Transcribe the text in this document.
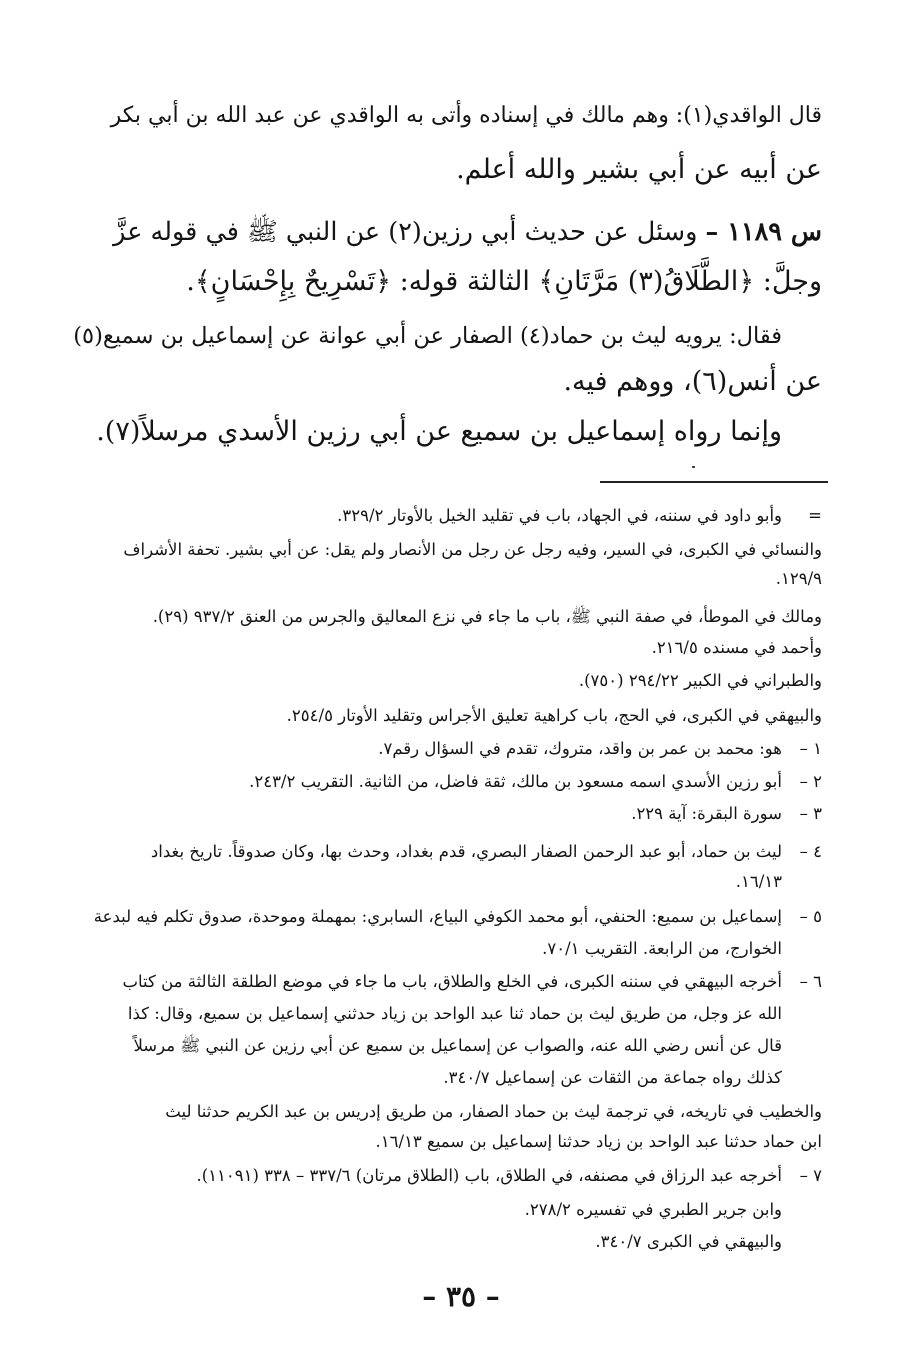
قال الواقدي(١): وهم مالك في إسناده وأتى به الواقدي عن عبد الله بن أبي بكر
عن أبيه عن أبي بشير والله أعلم.
س ١١٨٩ – وسئل عن حديث أبي رزين(٢) عن النبي ﷺ في قوله عزَّ
وجلَّ: ﴿الطَّلَاقُ(٣) مَرَّتَانِ﴾ الثالثة قوله: ﴿تَسْرِيحٌ بِإِحْسَانٍ﴾.
فقال: يرويه ليث بن حماد(٤) الصفار عن أبي عوانة عن إسماعيل بن سميع(٥)
عن أنس(٦)، ووهم فيه.
وإنما رواه إسماعيل بن سميع عن أبي رزين الأسدي مرسلاً(٧).
=
وأبو داود في سننه، في الجهاد، باب في تقليد الخيل بالأوتار ٣٢٩/٢.
والنسائي في الكبرى، في السير، وفيه رجل عن رجل من الأنصار ولم يقل: عن أبي بشير. تحفة الأشراف
١٢٩/٩.
ومالك في الموطأ، في صفة النبي ﷺ، باب ما جاء في نزع المعاليق والجرس من العنق ٩٣٧/٢ (٢٩).
وأحمد في مسنده ٢١٦/٥.
والطبراني في الكبير ٢٩٤/٢٢ (٧٥٠).
والبيهقي في الكبرى، في الحج، باب كراهية تعليق الأجراس وتقليد الأوتار ٢٥٤/٥.
١ –
هو: محمد بن عمر بن واقد، متروك، تقدم في السؤال رقم٧.
٢ –
أبو رزين الأسدي اسمه مسعود بن مالك، ثقة فاضل، من الثانية. التقريب ٢٤٣/٢.
٣ –
سورة البقرة: آية ٢٢٩.
٤ –
ليث بن حماد، أبو عبد الرحمن الصفار البصري، قدم بغداد، وحدث بها، وكان صدوقاً. تاريخ بغداد
١٦/١٣.
٥ –
إسماعيل بن سميع: الحنفي، أبو محمد الكوفي البياع، السابري: بمهملة وموحدة، صدوق تكلم فيه لبدعة
الخوارج، من الرابعة. التقريب ٧٠/١.
٦ –
أخرجه البيهقي في سننه الكبرى، في الخلع والطلاق، باب ما جاء في موضع الطلقة الثالثة من كتاب
الله عز وجل، من طريق ليث بن حماد ثنا عبد الواحد بن زياد حدثني إسماعيل بن سميع، وقال: كذا
قال عن أنس رضي الله عنه، والصواب عن إسماعيل بن سميع عن أبي رزين عن النبي ﷺ مرسلاً
كذلك رواه جماعة من الثقات عن إسماعيل ٣٤٠/٧.
والخطيب في تاريخه، في ترجمة ليث بن حماد الصفار، من طريق إدريس بن عبد الكريم حدثنا ليث
ابن حماد حدثنا عبد الواحد بن زياد حدثنا إسماعيل بن سميع ١٦/١٣.
٧ –
أخرجه عبد الرزاق في مصنفه، في الطلاق، باب (الطلاق مرتان) ٣٣٧/٦ – ٣٣٨ (١١٠٩١).
وابن جرير الطبري في تفسيره ٢٧٨/٢.
والبيهقي في الكبرى ٣٤٠/٧.
– ٣٥ –
